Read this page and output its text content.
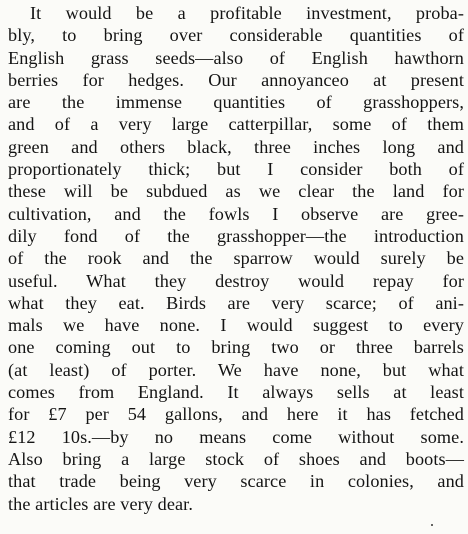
It would be a profitable investment, proba-
bly, to bring over considerable quantities of
English grass seeds—also of English hawthorn
berries for hedges. Our annoyanceo at present
are the immense quantities of grasshoppers,
and of a very large catterpillar, some of them
green and others black, three inches long and
proportionately thick; but I consider both of
these will be subdued as we clear the land for
cultivation, and the fowls I observe are gree-
dily fond of the grasshopper—the introduction
of the rook and the sparrow would surely be
useful. What they destroy would repay for
what they eat. Birds are very scarce; of ani-
mals we have none. I would suggest to every
one coming out to bring two or three barrels
(at least) of porter. We have none, but what
comes from England. It always sells at least
for £7 per 54 gallons, and here it has fetched
£12 10s.—by no means come without some.
Also bring a large stock of shoes and boots—
that trade being very scarce in colonies, and
the articles are very dear.
